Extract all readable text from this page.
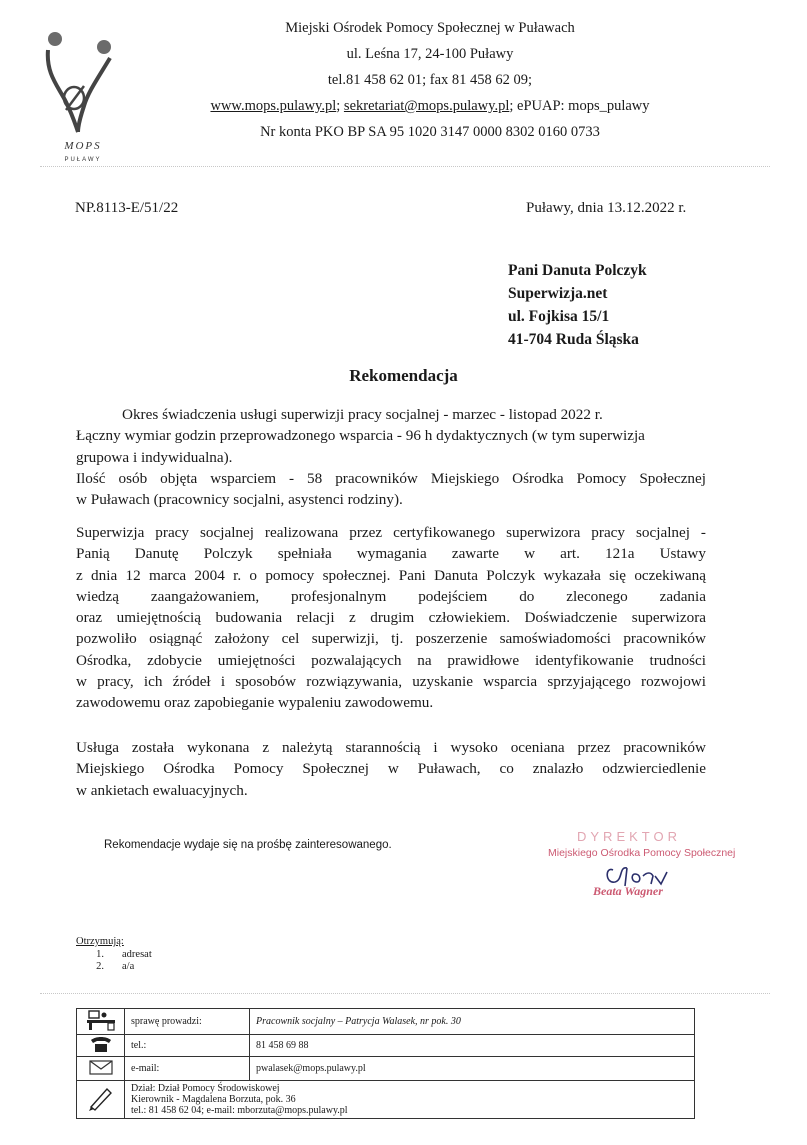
MOPS
PUŁAWY
Miejski Ośrodek Pomocy Społecznej w Puławach
ul. Leśna 17, 24-100 Puławy
tel.81 458 62 01; fax 81 458 62 09;
www.mops.pulawy.pl; sekretariat@mops.pulawy.pl; ePUAP: mops_pulawy
Nr konta PKO BP SA 95 1020 3147 0000 8302 0160 0733
NP.8113-E/51/22	Puławy, dnia 13.12.2022 r.
Pani Danuta Polczyk
Superwizja.net
ul. Fojkisa 15/1
41-704 Ruda Śląska
Rekomendacja

Okres świadczenia usługi superwizji pracy socjalnej - marzec - listopad 2022 r.

Łączny wymiar godzin przeprowadzonego wsparcia - 96 h dydaktycznych (w tym superwizja

grupowa i indywidualna).

Ilość osób objęta wsparciem - 58 pracowników Miejskiego Ośrodka Pomocy Społecznej

w Puławach (pracownicy socjalni, asystenci rodziny).

Superwizja pracy socjalnej realizowana przez certyfikowanego superwizora pracy socjalnej -

Panią Danutę Polczyk spełniała wymagania zawarte w art. 121a Ustawy

z dnia 12 marca 2004 r. o pomocy społecznej. Pani Danuta Polczyk wykazała się oczekiwaną

wiedzą zaangażowaniem, profesjonalnym podejściem do zleconego zadania

oraz umiejętnością budowania relacji z drugim człowiekiem. Doświadczenie superwizora

pozwoliło osiągnąć założony cel superwizji, tj. poszerzenie samoświadomości pracowników

Ośrodka, zdobycie umiejętności pozwalających na prawidłowe identyfikowanie trudności

w pracy, ich źródeł i sposobów rozwiązywania, uzyskanie wsparcia sprzyjającego rozwojowi

zawodowemu oraz zapobieganie wypaleniu zawodowemu.

Usługa została wykonana z należytą starannością i wysoko oceniana przez pracowników

Miejskiego Ośrodka Pomocy Społecznej w Puławach, co znalazło odzwierciedlenie

w ankietach ewaluacyjnych.

Rekomendacje wydaje się na prośbę zainteresowanego.
DYREKTOR
Miejskiego Ośrodka Pomocy Społecznej
Beata Wagner
Otrzymują:
1.	adresat
2.	a/a
	sprawę prowadzi:	Pracownik socjalny – Patrycja Walasek, nr pok. 30
	tel.:	81 458 69 88
	e-mail:	pwalasek@mops.pulawy.pl

Dział: Dział Pomocy Środowiskowej
Kierownik - Magdalena Borzuta, pok. 36
tel.: 81 458 62 04; e-mail: mborzuta@mops.pulawy.pl	
